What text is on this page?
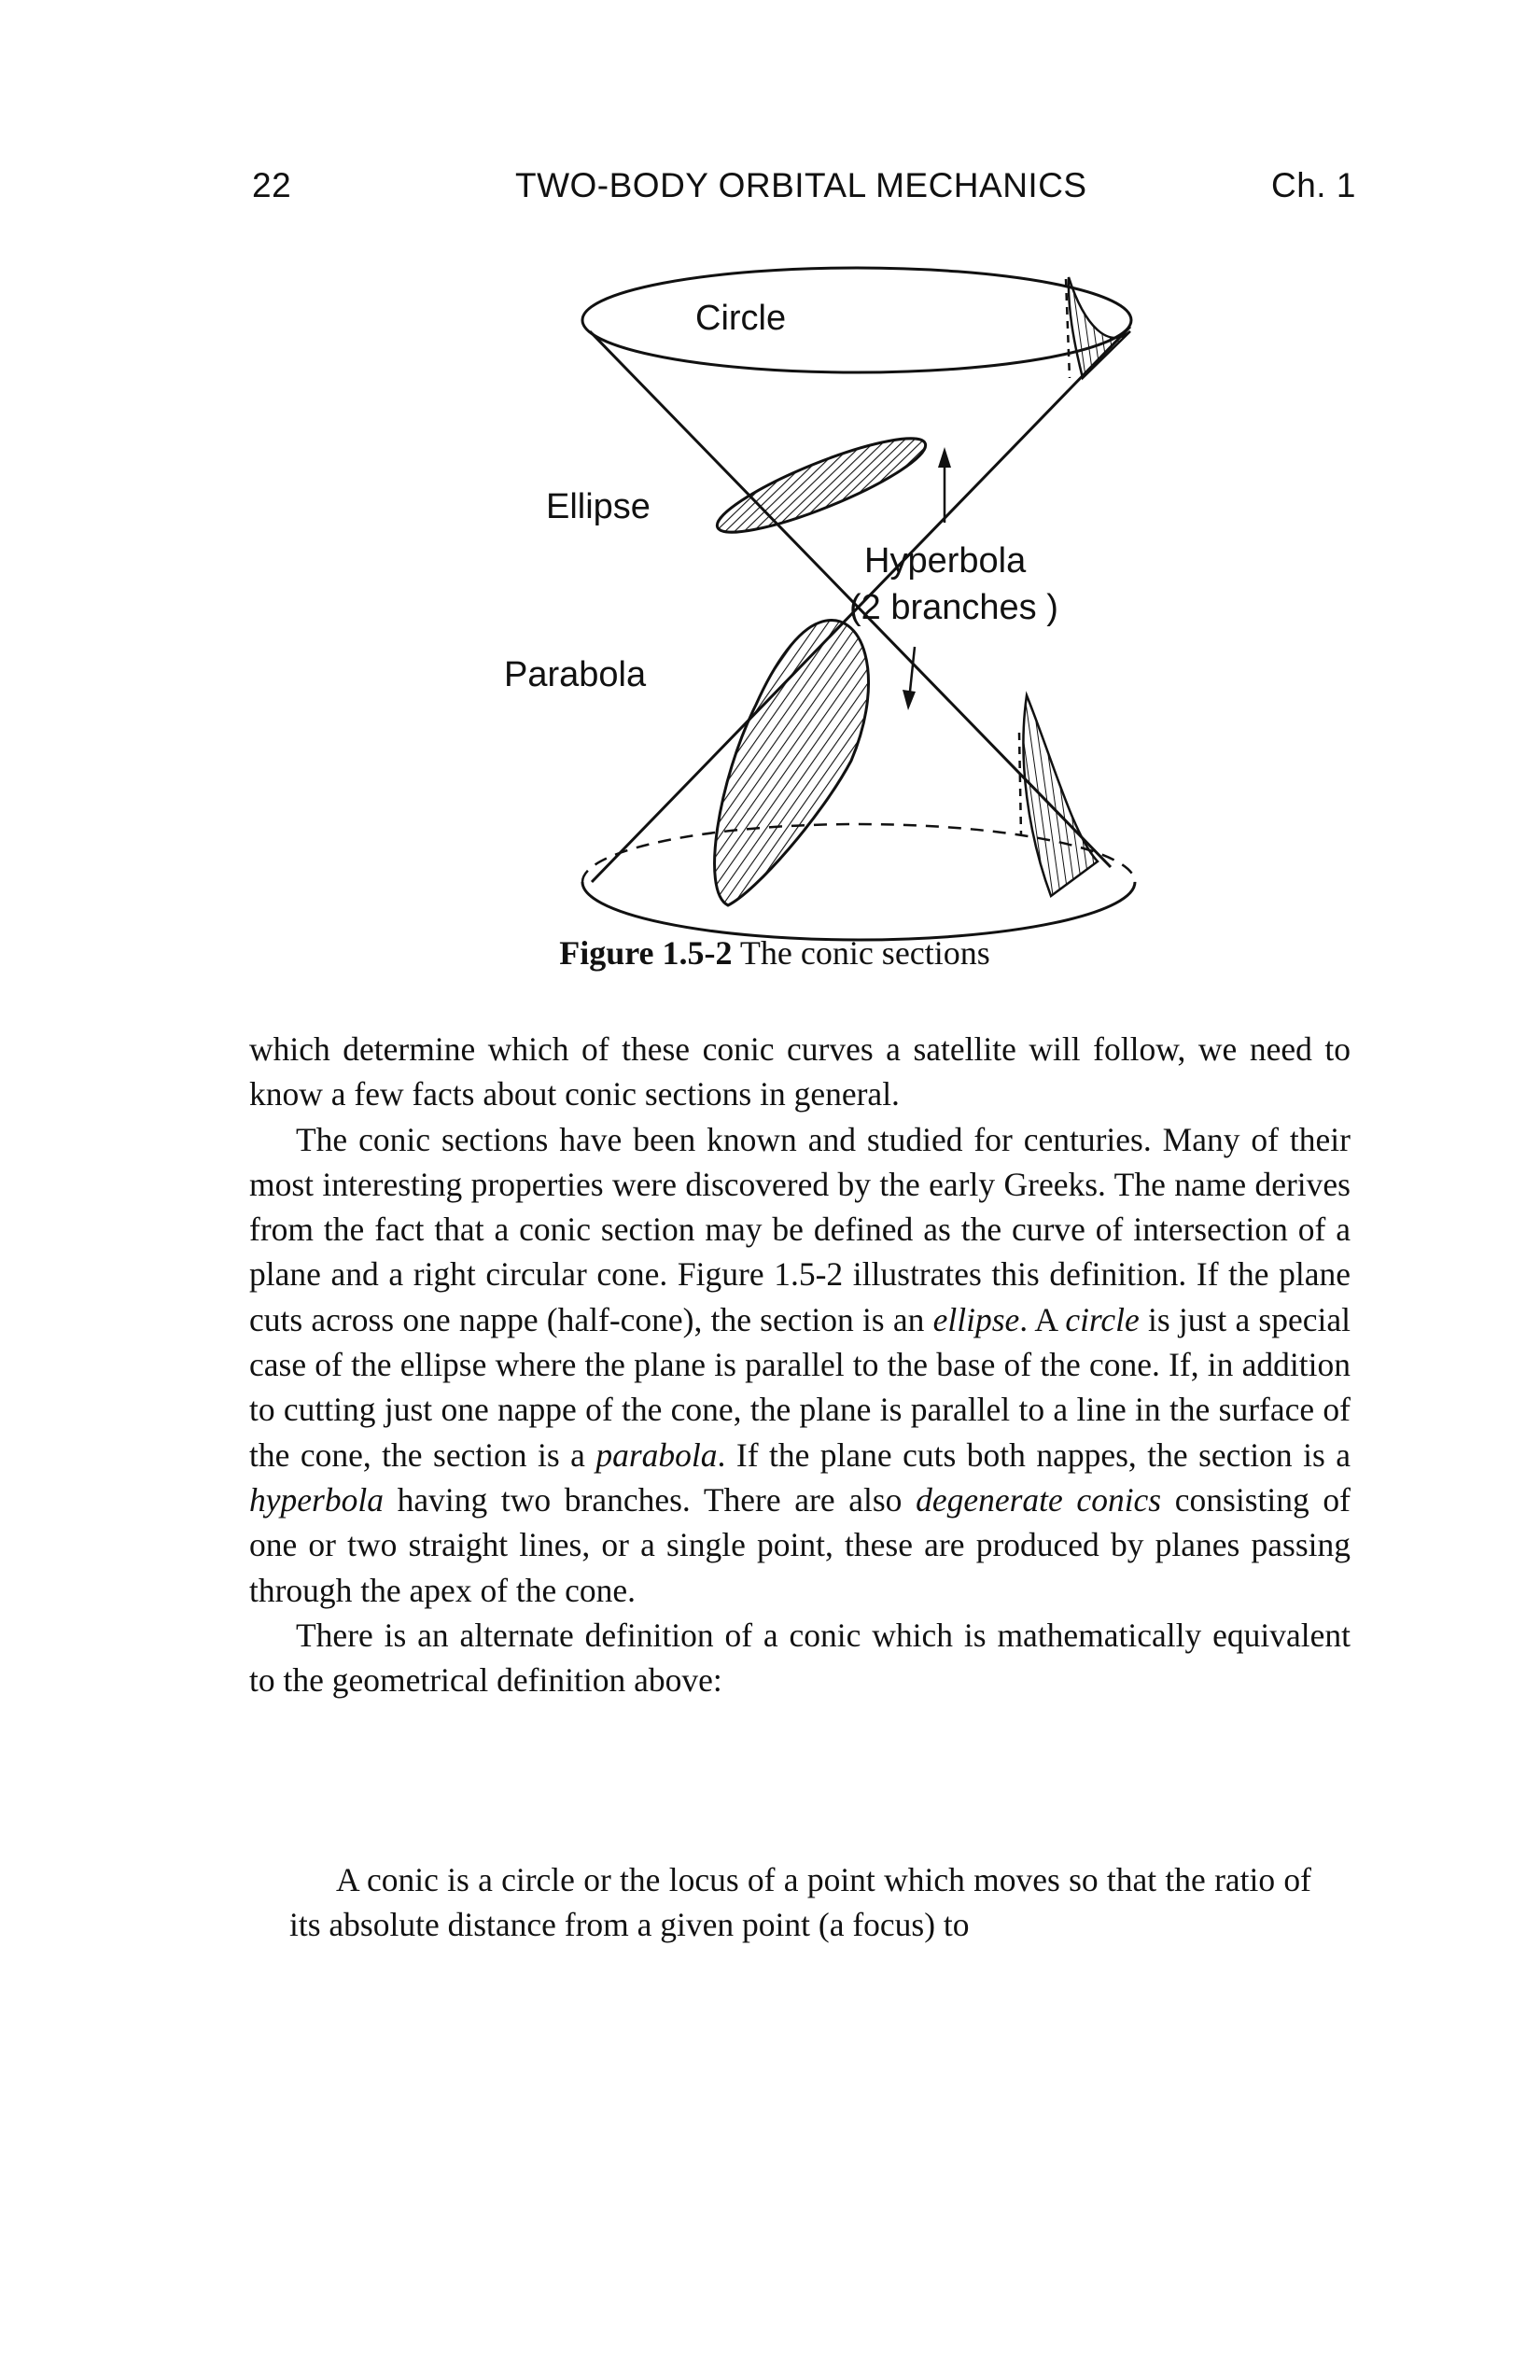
22	TWO-BODY ORBITAL MECHANICS	Ch. 1
Circle
Ellipse
Hyperbola
(2 branches )
Parabola
Figure 1.5-2 The conic sections

which determine which of these conic curves a satellite will follow, we need to know a few facts about conic sections in general.

The conic sections have been known and studied for centuries. Many of their most interesting properties were discovered by the early Greeks. The name derives from the fact that a conic section may be defined as the curve of intersection of a plane and a right circular cone. Figure 1.5-2 illustrates this definition. If the plane cuts across one nappe (half-cone), the section is an ellipse. A circle is just a special case of the ellipse where the plane is parallel to the base of the cone. If, in addition to cutting just one nappe of the cone, the plane is parallel to a line in the surface of the cone, the section is a parabola. If the plane cuts both nappes, the section is a hyperbola having two branches. There are also degenerate conics consisting of one or two straight lines, or a single point, these are produced by planes passing through the apex of the cone.

There is an alternate definition of a conic which is mathematically equivalent to the geometrical definition above:

A conic is a circle or the locus of a point which moves so that the ratio of its absolute distance from a given point (a focus) to
